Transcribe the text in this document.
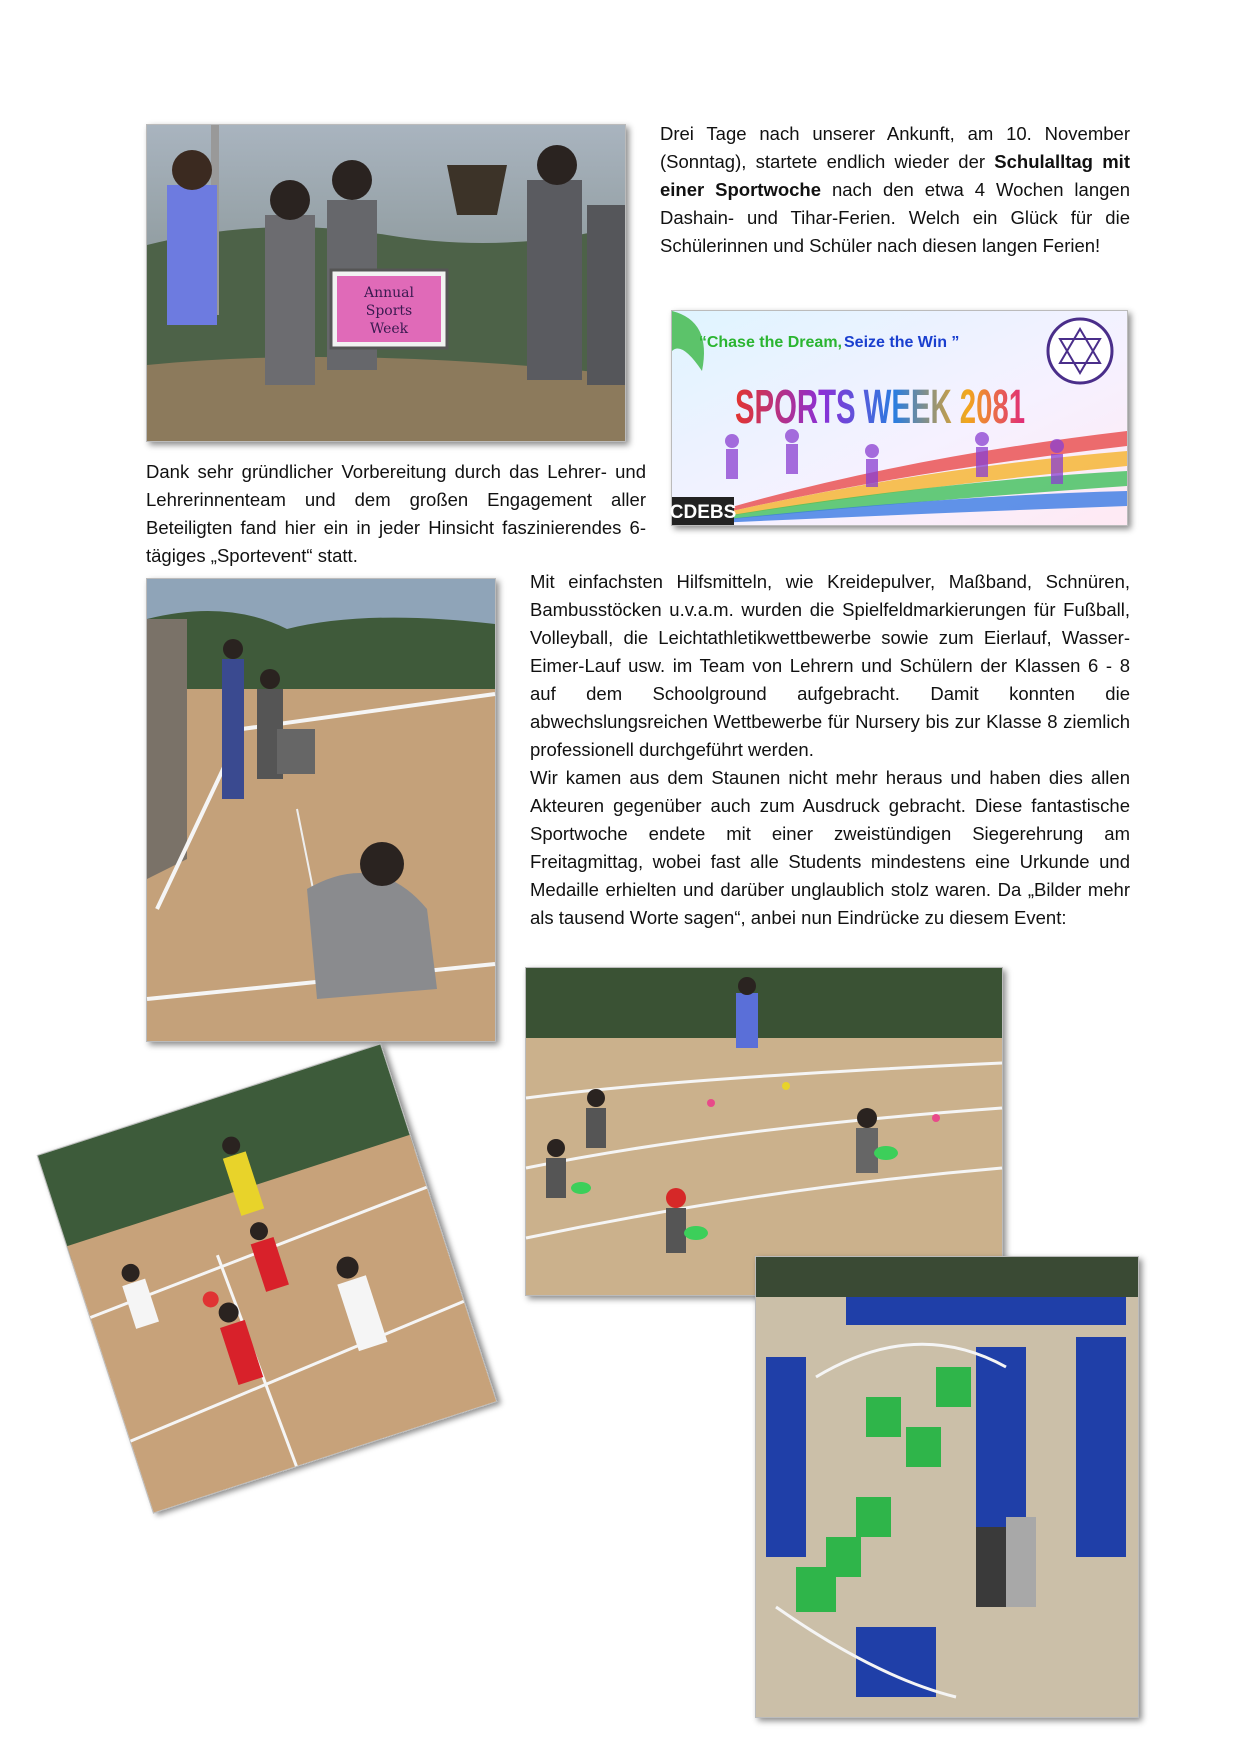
Drei Tage nach unserer Ankunft, am 10. November (Sonntag), startete endlich wieder der Schulalltag mit einer Sportwoche nach den etwa 4 Wochen langen Dashain- und Tihar-Ferien. Welch ein Glück für die Schülerinnen und Schüler nach diesen langen Ferien!

Dank sehr gründlicher Vorbereitung durch das Lehrer- und Lehrerinnenteam und dem großen Engagement aller Beteiligten fand hier ein in jeder Hinsicht faszinierendes 6-tägiges „Sportevent“ statt.

Mit einfachsten Hilfsmitteln, wie Kreidepulver, Maßband, Schnüren, Bambusstöcken u.v.a.m. wurden die Spielfeldmarkierungen für Fußball, Volleyball, die Leichtathletikwettbewerbe sowie zum Eierlauf, Wasser-Eimer-Lauf usw. im Team von Lehrern und Schülern der Klassen 6 - 8 auf dem Schoolground aufgebracht. Damit konnten die abwechslungsreichen Wettbewerbe für Nursery bis zur Klasse 8 ziemlich professionell durchgeführt werden.

Wir kamen aus dem Staunen nicht mehr heraus und haben dies allen Akteuren gegenüber auch zum Ausdruck gebracht. Diese fantastische Sportwoche endete mit einer zweistündigen Siegerehrung am Freitagmittag, wobei fast alle Students mindestens eine Urkunde und Medaille erhielten und darüber unglaublich stolz waren. Da „Bilder mehr als tausend Worte sagen“, anbei nun Eindrücke zu diesem Event:

Annual
Sports
Week
“Chase the Dream, Seize the Win ”
SPORTS WEEK 2081
CDEBS
